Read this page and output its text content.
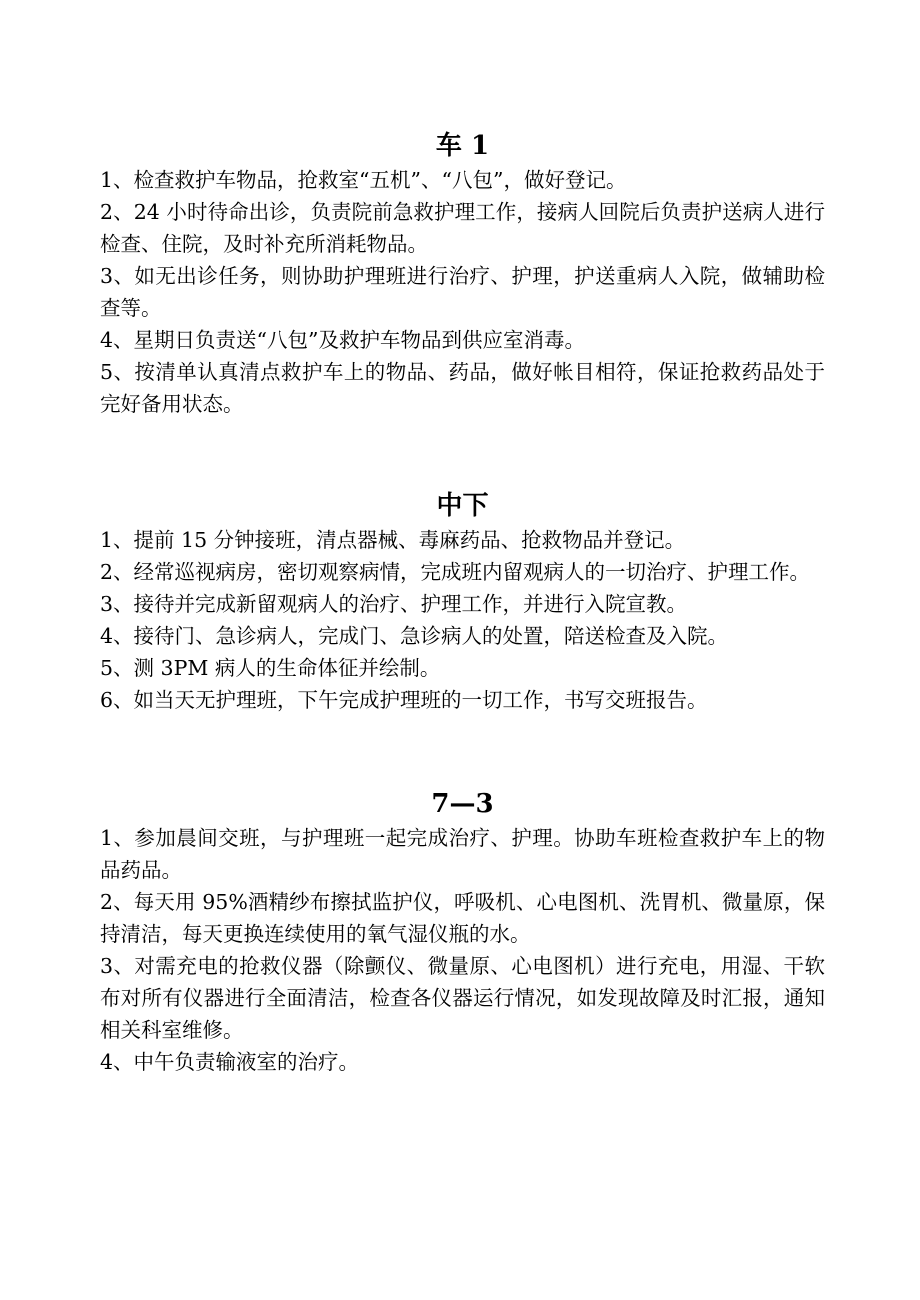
车 1
1、检查救护车物品，抢救室“五机”、“八包”，做好登记。
2、24 小时待命出诊，负责院前急救护理工作，接病人回院后负责护送病人进行检查、住院，及时补充所消耗物品。
3、如无出诊任务，则协助护理班进行治疗、护理，护送重病人入院，做辅助检查等。
4、星期日负责送“八包”及救护车物品到供应室消毒。
5、按清单认真清点救护车上的物品、药品，做好帐目相符，保证抢救药品处于完好备用状态。
中下
1、提前 15 分钟接班，清点器械、毒麻药品、抢救物品并登记。
2、经常巡视病房，密切观察病情，完成班内留观病人的一切治疗、护理工作。
3、接待并完成新留观病人的治疗、护理工作，并进行入院宣教。
4、接待门、急诊病人，完成门、急诊病人的处置，陪送检查及入院。
5、测 3PM 病人的生命体征并绘制。
6、如当天无护理班，下午完成护理班的一切工作，书写交班报告。
7—3
1、参加晨间交班，与护理班一起完成治疗、护理。协助车班检查救护车上的物品药品。
2、每天用 95%酒精纱布擦拭监护仪，呼吸机、心电图机、洗胃机、微量原，保持清洁，每天更换连续使用的氧气湿仪瓶的水。
3、对需充电的抢救仪器（除颤仪、微量原、心电图机）进行充电，用湿、干软布对所有仪器进行全面清洁，检查各仪器运行情况，如发现故障及时汇报，通知相关科室维修。
4、中午负责输液室的治疗。
